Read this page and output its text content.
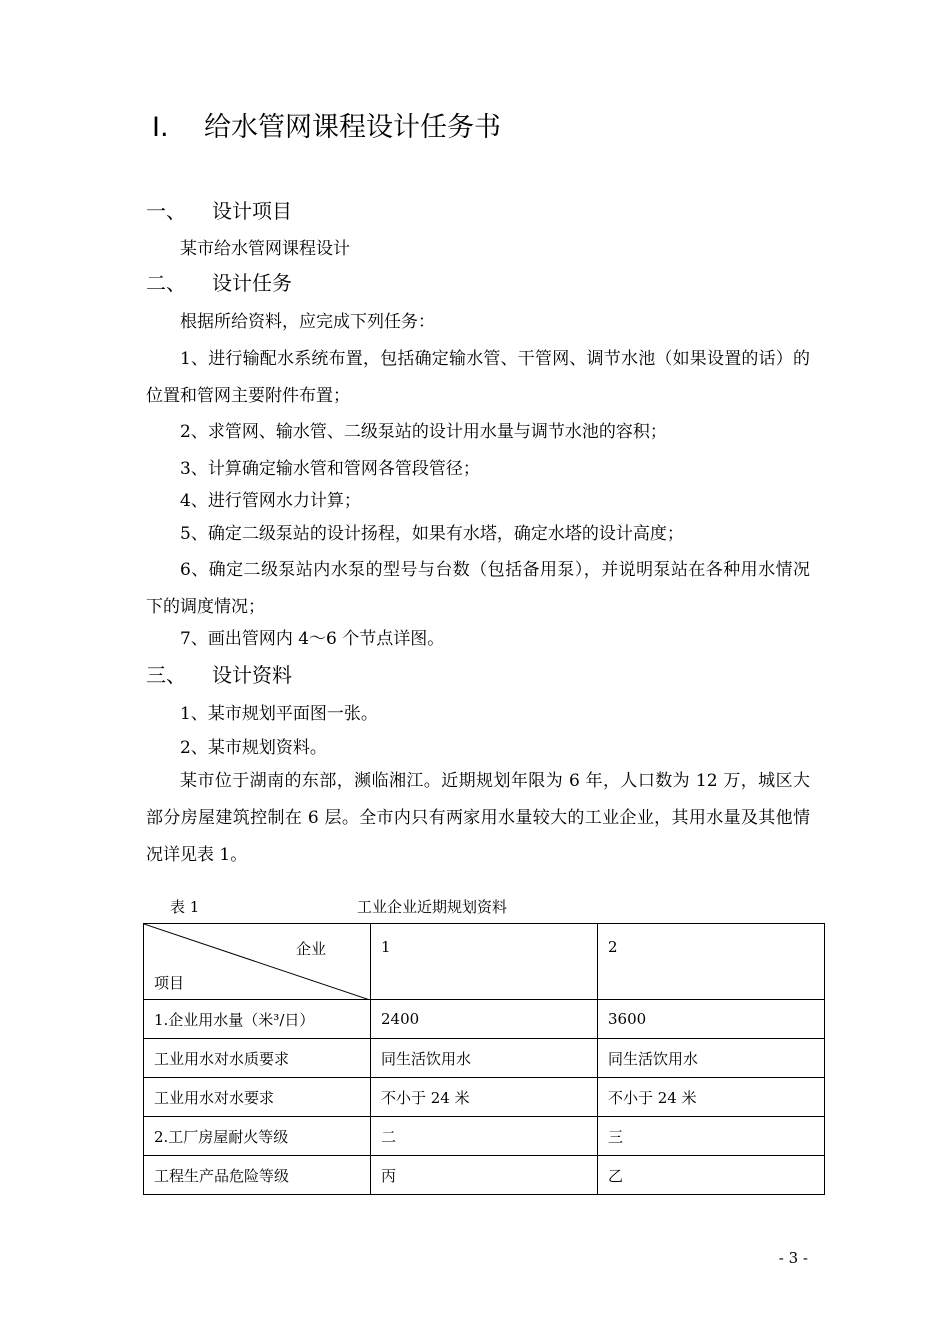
Ⅰ. 给水管网课程设计任务书
一、 设计项目
某市给水管网课程设计
二、 设计任务
根据所给资料，应完成下列任务：
1、进行输配水系统布置，包括确定输水管、干管网、调节水池（如果设置的话）的位置和管网主要附件布置；
2、求管网、输水管、二级泵站的设计用水量与调节水池的容积；
3、计算确定输水管和管网各管段管径；
4、进行管网水力计算；
5、确定二级泵站的设计扬程，如果有水塔，确定水塔的设计高度；
6、确定二级泵站内水泵的型号与台数（包括备用泵），并说明泵站在各种用水情况下的调度情况；
7、画出管网内 4～6 个节点详图。
三、 设计资料
1、某市规划平面图一张。
2、某市规划资料。
某市位于湖南的东部，濒临湘江。近期规划年限为 6 年，人口数为 12 万，城区大部分房屋建筑控制在 6 层。全市内只有两家用水量较大的工业企业，其用水量及其他情况详见表 1。
表 1	工业企业近期规划资料
企业
项目	1	2
1.企业用水量（米³/日）	2400	3600
工业用水对水质要求	同生活饮用水	同生活饮用水
工业用水对水要求	不小于 24 米	不小于 24 米
2.工厂房屋耐火等级	二	三
工程生产品危险等级	丙	乙
- 3 -
